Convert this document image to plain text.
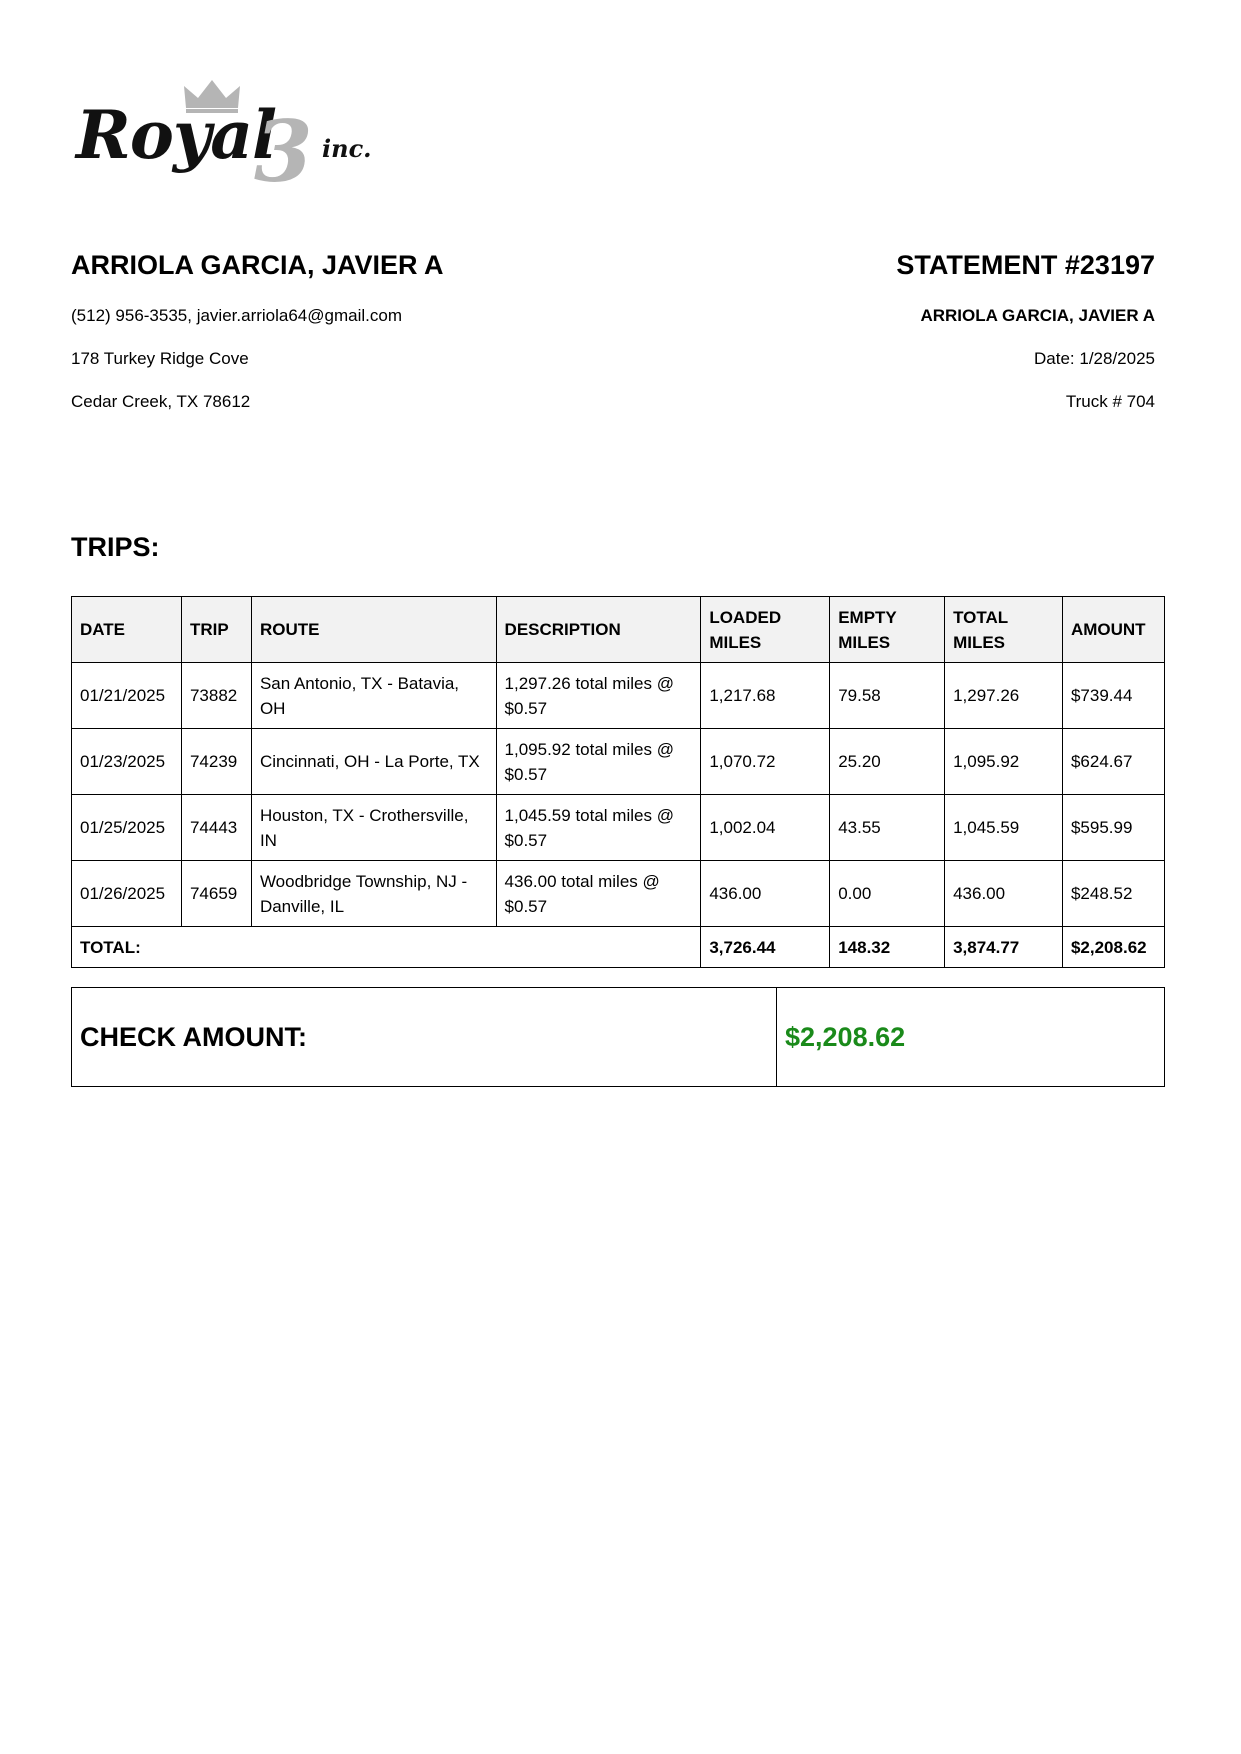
Royal
3 inc.
ARRIOLA GARCIA, JAVIER A
(512) 956-3535, javier.arriola64@gmail.com
178 Turkey Ridge Cove
Cedar Creek, TX 78612
STATEMENT #23197
ARRIOLA GARCIA, JAVIER A
Date: 1/28/2025
Truck # 704
TRIPS:
DATE	TRIP	ROUTE	DESCRIPTION	LOADED MILES	EMPTY MILES	TOTAL MILES	AMOUNT
01/21/2025	73882	San Antonio, TX - Batavia, OH	1,297.26 total miles @ $0.57	1,217.68	79.58	1,297.26	$739.44
01/23/2025	74239	Cincinnati, OH - La Porte, TX	1,095.92 total miles @ $0.57	1,070.72	25.20	1,095.92	$624.67
01/25/2025	74443	Houston, TX - Crothersville, IN	1,045.59 total miles @ $0.57	1,002.04	43.55	1,045.59	$595.99
01/26/2025	74659	Woodbridge Township, NJ - Danville, IL	436.00 total miles @ $0.57	436.00	0.00	436.00	$248.52
TOTAL:				3,726.44	148.32	3,874.77	$2,208.62
CHECK AMOUNT:	$2,208.62
